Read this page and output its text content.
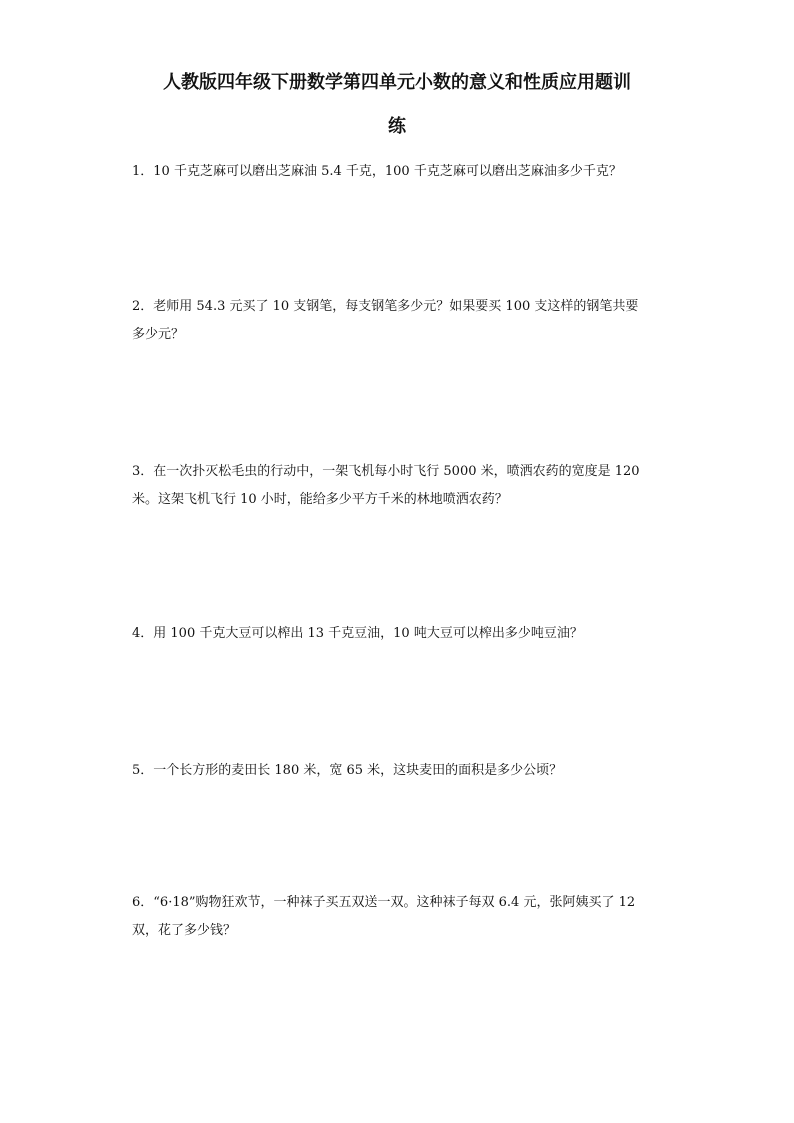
人教版四年级下册数学第四单元小数的意义和性质应用题训
练

1．10 千克芝麻可以磨出芝麻油 5.4 千克，100 千克芝麻可以磨出芝麻油多少千克？

2．老师用 54.3 元买了 10 支钢笔，每支钢笔多少元？如果要买 100 支这样的钢笔共要
多少元？

3．在一次扑灭松毛虫的行动中，一架飞机每小时飞行 5000 米，喷洒农药的宽度是 120
米。这架飞机飞行 10 小时，能给多少平方千米的林地喷洒农药？

4．用 100 千克大豆可以榨出 13 千克豆油，10 吨大豆可以榨出多少吨豆油？

5．一个长方形的麦田长 180 米，宽 65 米，这块麦田的面积是多少公顷？

6．“6·18”购物狂欢节，一种袜子买五双送一双。这种袜子每双 6.4 元，张阿姨买了 12
双，花了多少钱？
